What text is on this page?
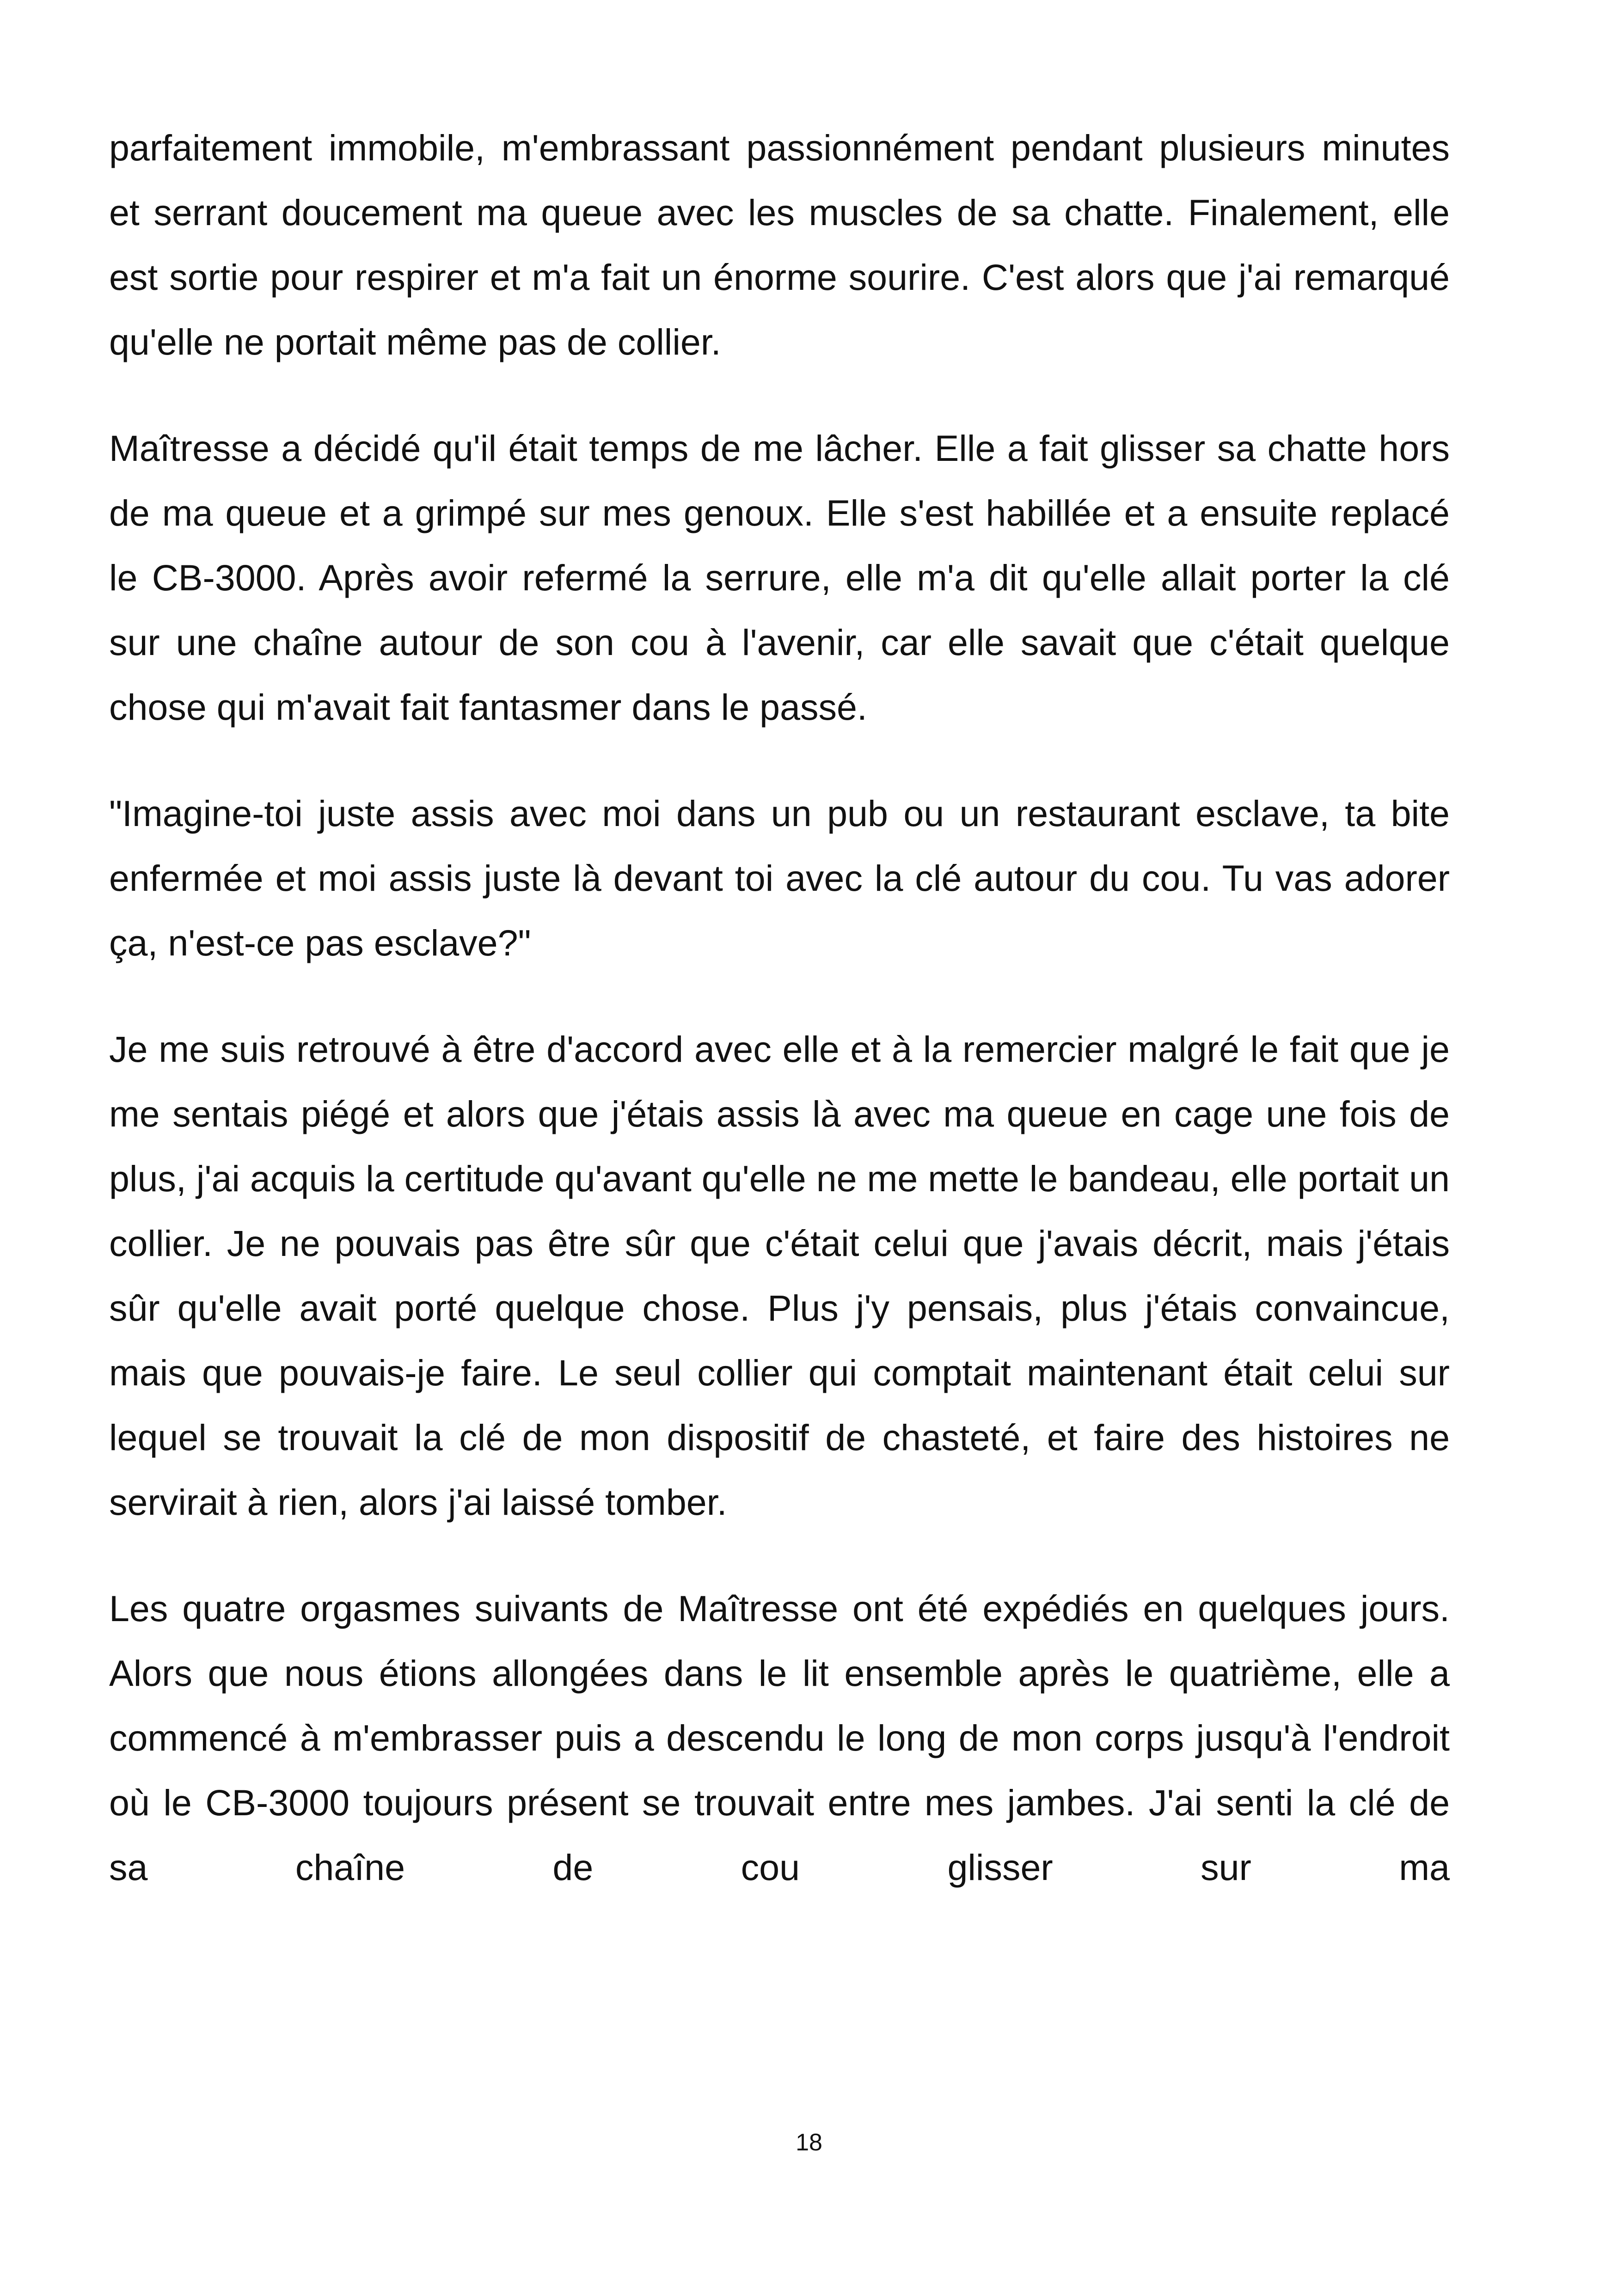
parfaitement immobile, m'embrassant passionnément pendant plusieurs minutes et serrant doucement ma queue avec les muscles de sa chatte. Finalement, elle est sortie pour respirer et m'a fait un énorme sourire. C'est alors que j'ai remarqué qu'elle ne portait même pas de collier.

Maîtresse a décidé qu'il était temps de me lâcher. Elle a fait glisser sa chatte hors de ma queue et a grimpé sur mes genoux. Elle s'est habillée et a ensuite replacé le CB-3000. Après avoir refermé la serrure, elle m'a dit qu'elle allait porter la clé sur une chaîne autour de son cou à l'avenir, car elle savait que c'était quelque chose qui m'avait fait fantasmer dans le passé.

"Imagine-toi juste assis avec moi dans un pub ou un restaurant esclave, ta bite enfermée et moi assis juste là devant toi avec la clé autour du cou. Tu vas adorer ça, n'est-ce pas esclave?"

Je me suis retrouvé à être d'accord avec elle et à la remercier malgré le fait que je me sentais piégé et alors que j'étais assis là avec ma queue en cage une fois de plus, j'ai acquis la certitude qu'avant qu'elle ne me mette le bandeau, elle portait un collier. Je ne pouvais pas être sûr que c'était celui que j'avais décrit, mais j'étais sûr qu'elle avait porté quelque chose. Plus j'y pensais, plus j'étais convaincue, mais que pouvais-je faire. Le seul collier qui comptait maintenant était celui sur lequel se trouvait la clé de mon dispositif de chasteté, et faire des histoires ne servirait à rien, alors j'ai laissé tomber.

Les quatre orgasmes suivants de Maîtresse ont été expédiés en quelques jours. Alors que nous étions allongées dans le lit ensemble après le quatrième, elle a commencé à m'embrasser puis a descendu le long de mon corps jusqu'à l'endroit où le CB-3000 toujours présent se trouvait entre mes jambes. J'ai senti la clé de sa chaîne de cou glisser sur ma

18
